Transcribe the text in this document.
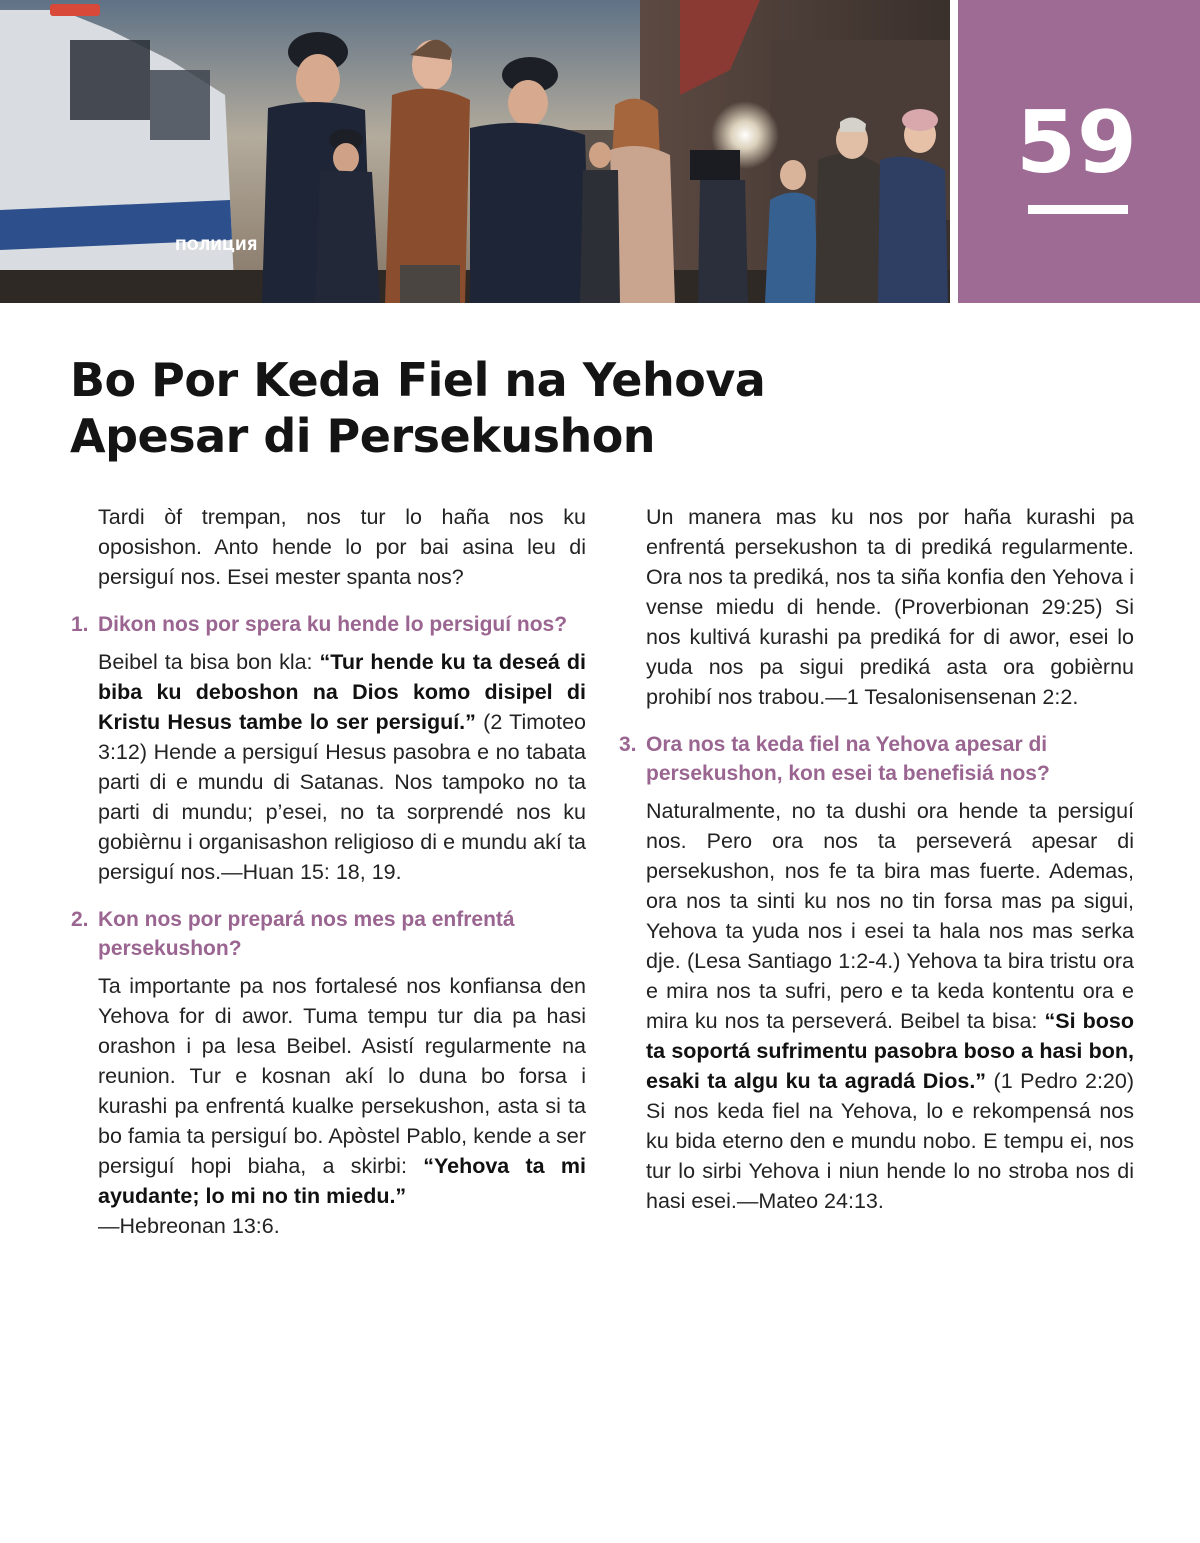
ПОЛИЦИЯ
59
Bo Por Keda Fiel na Yehova
Apesar di Persekushon

Tardi òf trempan, nos tur lo haña nos ku oposishon. Anto hende lo por bai asina leu di persiguí nos. Esei mester spanta nos?

1. Dikon nos por spera ku hende lo persiguí nos?

Beibel ta bisa bon kla: “Tur hende ku ta deseá di biba ku deboshon na Dios komo disipel di Kristu Hesus tambe lo ser persiguí.” (2 Timoteo 3:12) Hende a persiguí Hesus pasobra e no tabata parti di e mundu di Satanas. Nos tampoko no ta parti di mundu; p’esei, no ta sorprendé nos ku gobièrnu i organisashon religioso di e mundu akí ta persiguí nos.—Huan 15: 18, 19.

2. Kon nos por prepará nos mes pa enfrentá persekushon?

Ta importante pa nos fortalesé nos konfiansa den Yehova for di awor. Tuma tempu tur dia pa hasi orashon i pa lesa Beibel. Asistí regularmente na reunion. Tur e kosnan akí lo duna bo forsa i kurashi pa enfrentá kualke persekushon, asta si ta bo famia ta persiguí bo. Apòstel Pablo, kende a ser persiguí hopi biaha, a skirbi: “Yehova ta mi ayudante; lo mi no tin miedu.”
—Hebreonan 13:6.

Un manera mas ku nos por haña kurashi pa enfrentá persekushon ta di prediká regularmente. Ora nos ta prediká, nos ta siña konfia den Yehova i vense miedu di hende. (Proverbionan 29:25) Si nos kultivá kurashi pa prediká for di awor, esei lo yuda nos pa sigui prediká asta ora gobièrnu prohibí nos trabou.—1 Tesalonisensenan 2:2.

3. Ora nos ta keda fiel na Yehova apesar di persekushon, kon esei ta benefisiá nos?

Naturalmente, no ta dushi ora hende ta persiguí nos. Pero ora nos ta perseverá apesar di persekushon, nos fe ta bira mas fuerte. Ademas, ora nos ta sinti ku nos no tin forsa mas pa sigui, Yehova ta yuda nos i esei ta hala nos mas serka dje. (Lesa Santiago 1:2-4.) Yehova ta bira tristu ora e mira nos ta sufri, pero e ta keda kontentu ora e mira ku nos ta perseverá. Beibel ta bisa: “Si boso ta soportá sufrimentu pasobra boso a hasi bon, esaki ta algu ku ta agradá Dios.” (1 Pedro 2:20) Si nos keda fiel na Yehova, lo e rekompensá nos ku bida eterno den e mundu nobo. E tempu ei, nos tur lo sirbi Yehova i niun hende lo no stroba nos di hasi esei.—Mateo 24:13.
